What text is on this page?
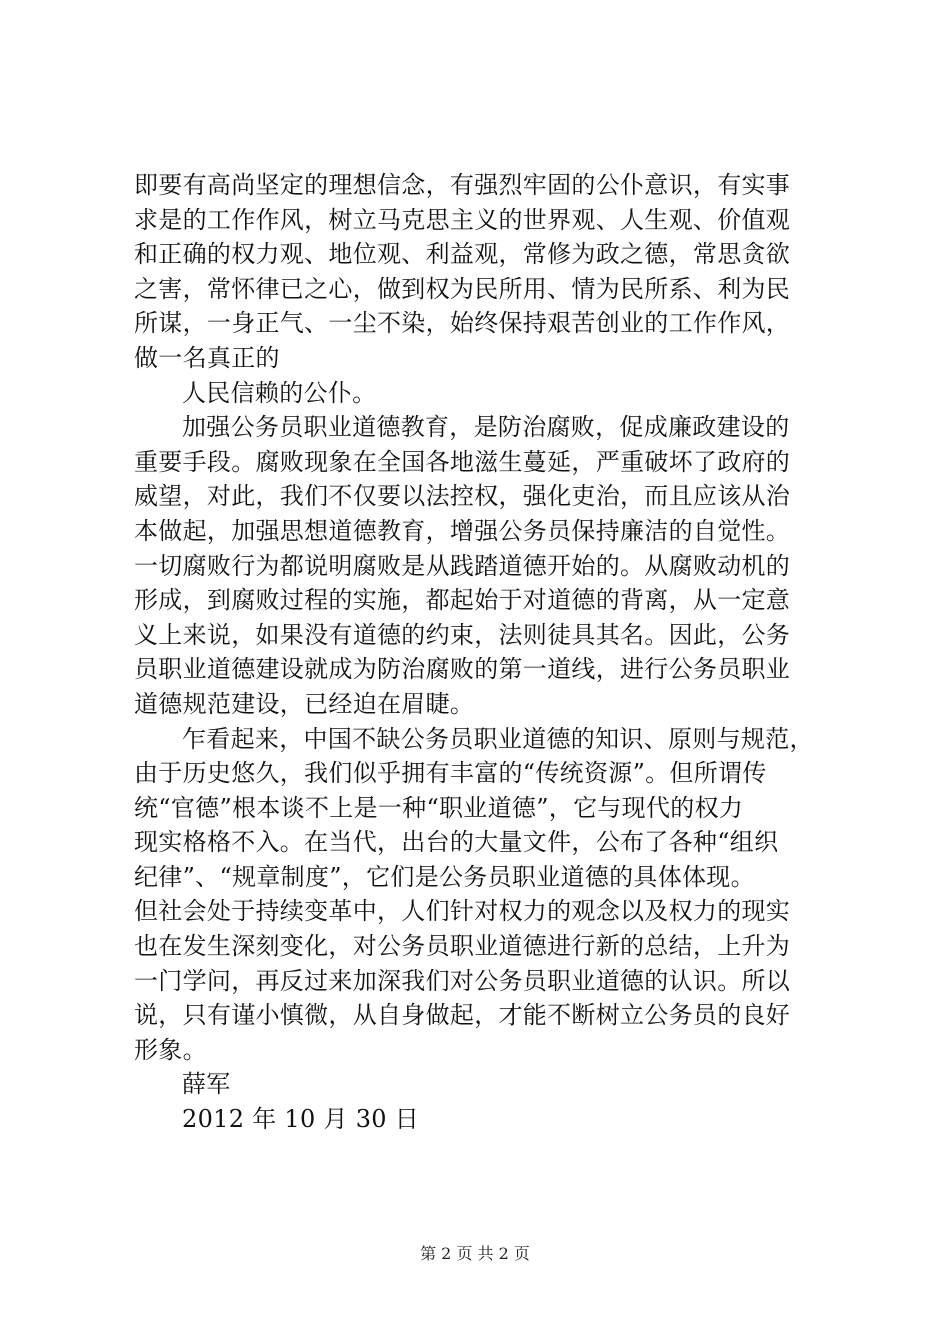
即要有高尚坚定的理想信念，有强烈牢固的公仆意识，有实事
求是的工作作风，树立马克思主义的世界观、人生观、价值观
和正确的权力观、地位观、利益观，常修为政之德，常思贪欲
之害，常怀律已之心，做到权为民所用、情为民所系、利为民
所谋，一身正气、一尘不染，始终保持艰苦创业的工作作风，
做一名真正的
人民信赖的公仆。
加强公务员职业道德教育，是防治腐败，促成廉政建设的
重要手段。腐败现象在全国各地滋生蔓延，严重破坏了政府的
威望，对此，我们不仅要以法控权，强化吏治，而且应该从治
本做起，加强思想道德教育，增强公务员保持廉洁的自觉性。
一切腐败行为都说明腐败是从践踏道德开始的。从腐败动机的
形成，到腐败过程的实施，都起始于对道德的背离，从一定意
义上来说，如果没有道德的约束，法则徒具其名。因此，公务
员职业道德建设就成为防治腐败的第一道线，进行公务员职业
道德规范建设，已经迫在眉睫。
乍看起来，中国不缺公务员职业道德的知识、原则与规范，
由于历史悠久，我们似乎拥有丰富的“传统资源”。但所谓传
统“官德”根本谈不上是一种“职业道德”，它与现代的权力
现实格格不入。在当代，出台的大量文件，公布了各种“组织
纪律”、“规章制度”，它们是公务员职业道德的具体体现。
但社会处于持续变革中，人们针对权力的观念以及权力的现实
也在发生深刻变化，对公务员职业道德进行新的总结，上升为
一门学问，再反过来加深我们对公务员职业道德的认识。所以
说，只有谨小慎微，从自身做起，才能不断树立公务员的良好
形象。
薛军
2012 年 10 月 30 日
第 2 页 共 2 页
